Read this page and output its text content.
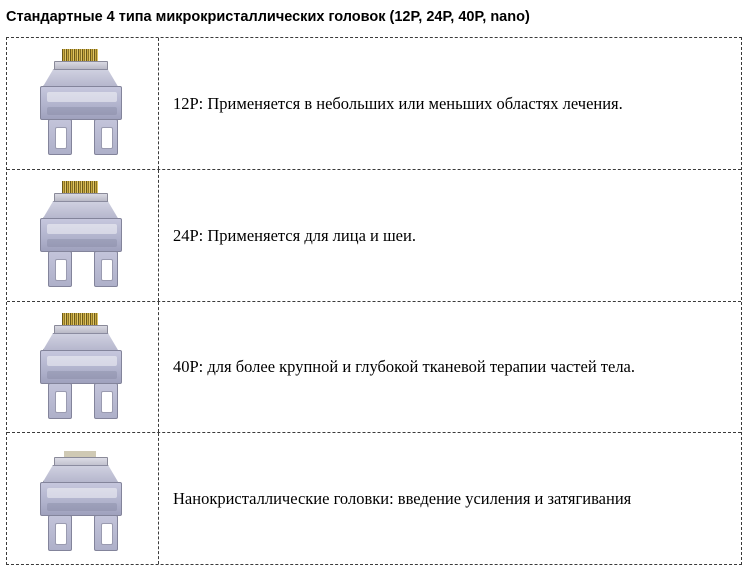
Стандартные 4 типа микрокристаллических головок (12P, 24P, 40P, nano)
12P: Применяется в небольших или меньших областях лечения.
24P: Применяется для лица и шеи.
40P: для более крупной и глубокой тканевой терапии частей тела.
Нанокристаллические головки: введение усиления и затягивания
